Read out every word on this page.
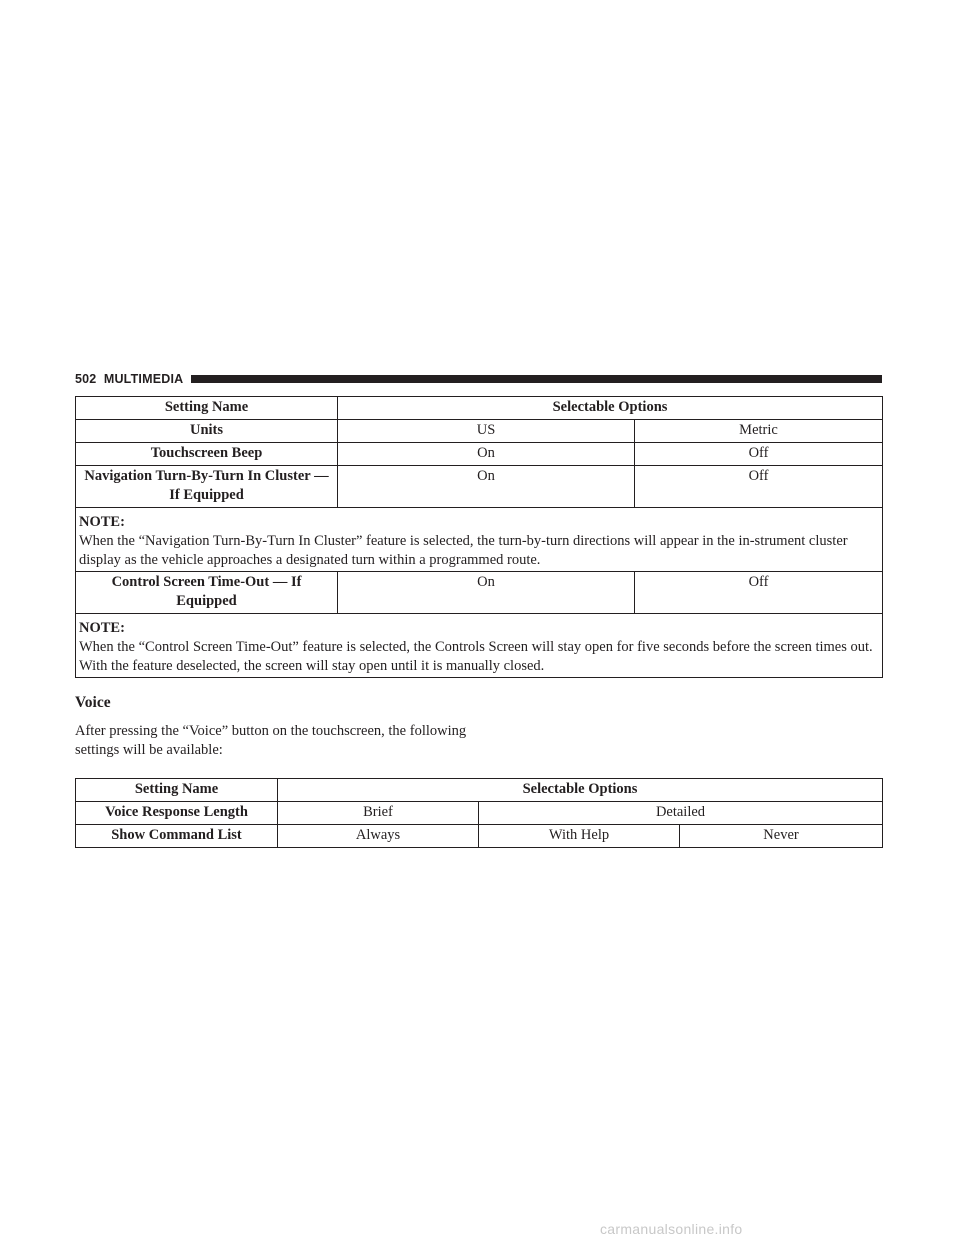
502 MULTIMEDIA
Setting Name	Selectable Options	
Units	US	Metric
Touchscreen Beep	On	Off
Navigation Turn-By-Turn In Cluster — If Equipped	On	Off

NOTE:
When the “Navigation Turn-By-Turn In Cluster” feature is selected, the turn-by-turn directions will appear in the in-strument cluster display as the vehicle approaches a designated turn within a programmed route.		
Control Screen Time-Out — If Equipped	On	Off

NOTE:
When the “Control Screen Time-Out” feature is selected, the Controls Screen will stay open for five seconds before the screen times out. With the feature deselected, the screen will stay open until it is manually closed.		
Voice
After pressing the “Voice” button on the touchscreen, the following settings will be available:
Setting Name	Selectable Options		
Voice Response Length	Brief	Detailed	
Show Command List	Always	With Help	Never
carmanualsonline.info
